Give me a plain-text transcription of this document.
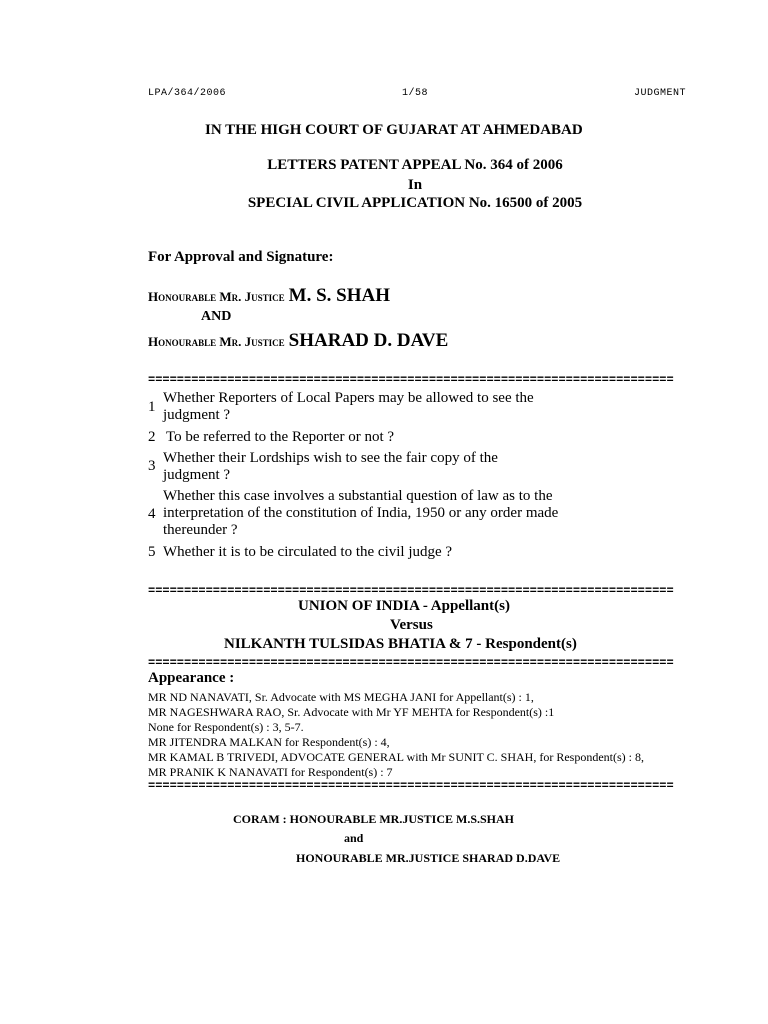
LPA/364/2006	1/58	JUDGMENT
IN THE HIGH COURT OF GUJARAT AT AHMEDABAD
LETTERS PATENT APPEAL No. 364 of 2006
In
SPECIAL CIVIL APPLICATION No. 16500 of 2005
For Approval and Signature:
Honourable Mr. Justice M. S. SHAH
AND
Honourable Mr. Justice SHARAD D. DAVE
=========================================================================
1
Whether Reporters of Local Papers may be allowed to see the judgment ?
2 To be referred to the Reporter or not ?
3 Whether their Lordships wish to see the fair copy of the judgment ?
4
Whether this case involves a substantial question of law as to the interpretation of the constitution of India, 1950 or any order made thereunder ?
5 Whether it is to be circulated to the civil judge ?
=========================================================================
UNION OF INDIA - Appellant(s)
Versus
NILKANTH TULSIDAS BHATIA & 7 - Respondent(s)
=========================================================================
Appearance :
MR ND NANAVATI, Sr. Advocate with MS MEGHA JANI for Appellant(s) : 1,
MR NAGESHWARA RAO, Sr. Advocate with Mr YF MEHTA for Respondent(s) :1
None for Respondent(s) : 3, 5-7.
MR JITENDRA MALKAN for Respondent(s) : 4,
MR KAMAL B TRIVEDI, ADVOCATE GENERAL with Mr SUNIT C. SHAH, for Respondent(s) : 8,
MR PRANIK K NANAVATI for Respondent(s) : 7
=========================================================================
CORAM : HONOURABLE MR.JUSTICE M.S.SHAH
and
HONOURABLE MR.JUSTICE SHARAD D.DAVE
